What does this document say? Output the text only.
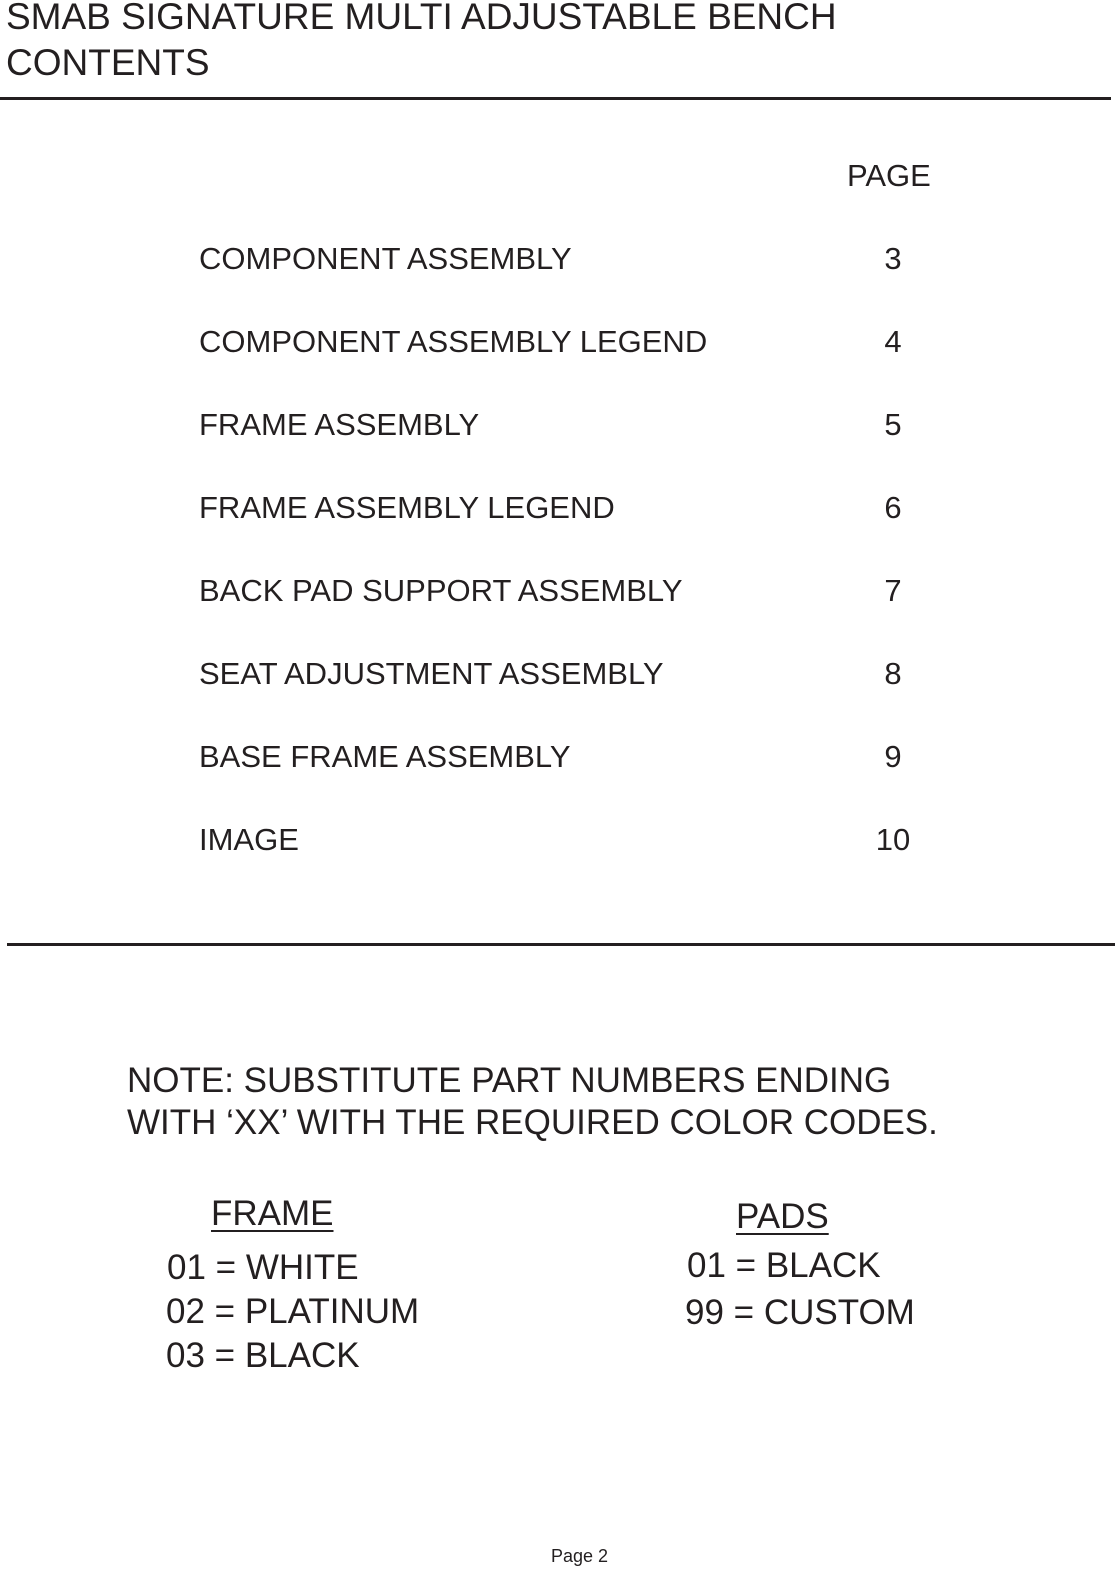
SMAB SIGNATURE MULTI ADJUSTABLE BENCH
CONTENTS
PAGE
COMPONENT ASSEMBLY	3
COMPONENT ASSEMBLY LEGEND	4
FRAME ASSEMBLY	5
FRAME ASSEMBLY LEGEND	6
BACK PAD SUPPORT ASSEMBLY	7
SEAT ADJUSTMENT ASSEMBLY	8
BASE FRAME ASSEMBLY	9
IMAGE	10
NOTE: SUBSTITUTE PART NUMBERS ENDING
WITH ‘XX’ WITH THE REQUIRED COLOR CODES.
FRAME
01 = WHITE
02 = PLATINUM
03 = BLACK
PADS
01 = BLACK
99 = CUSTOM
Page 2
